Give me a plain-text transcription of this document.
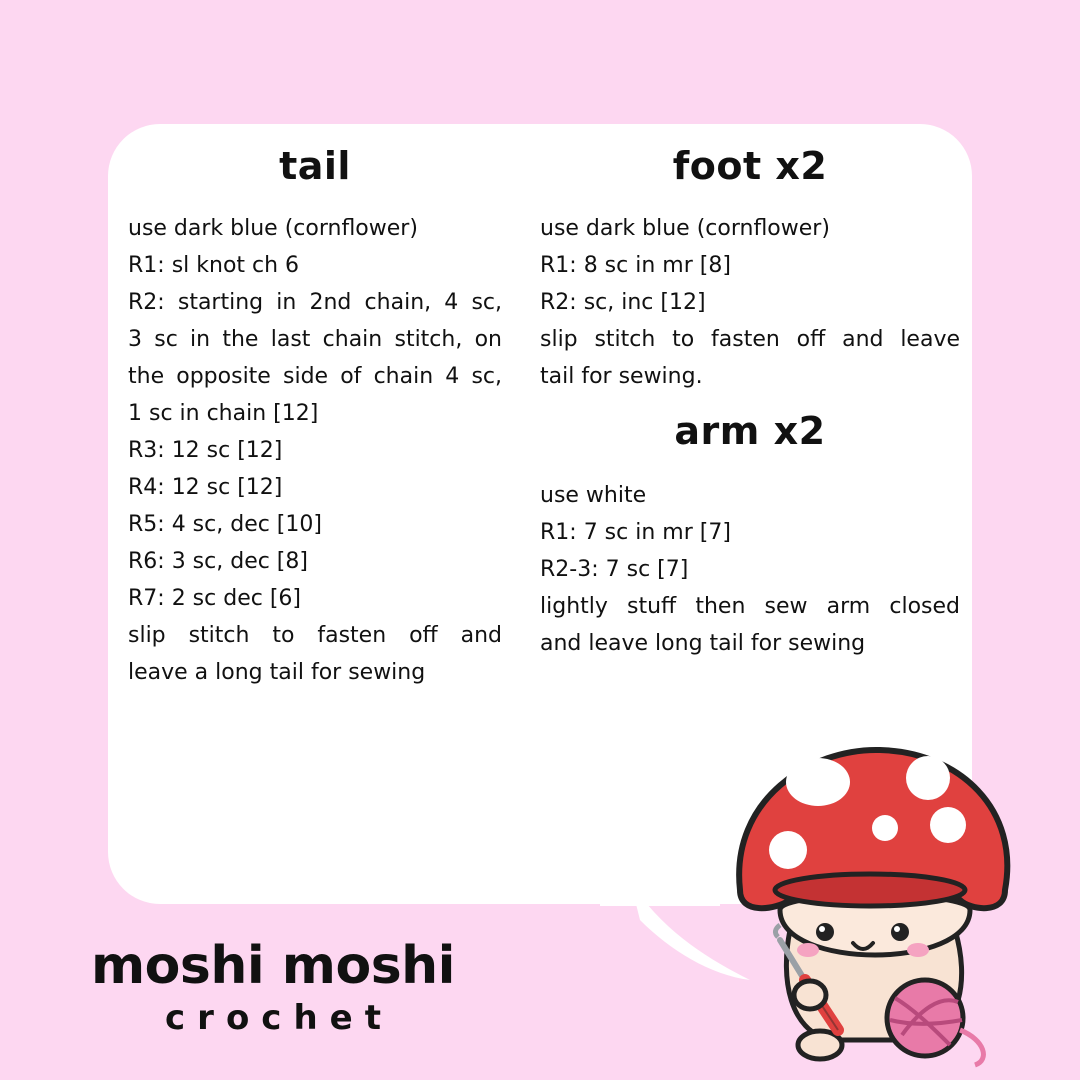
tail

use dark blue (cornflower)

R1: sl knot ch 6

R2: starting in 2nd chain, 4 sc,

3 sc in the last chain stitch, on

the opposite side of chain 4 sc,

1 sc in chain [12]

R3: 12 sc [12]

R4: 12 sc [12]

R5: 4 sc, dec [10]

R6: 3 sc, dec [8]

R7: 2 sc dec [6]

slip stitch to fasten off and

leave a long tail for sewing

foot x2

use dark blue (cornflower)

R1: 8 sc in mr [8]

R2: sc, inc [12]

slip stitch to fasten off and leave

tail for sewing.

arm x2

use white

R1: 7 sc in mr [7]

R2-3: 7 sc [7]

lightly stuff then sew arm closed

and leave long tail for sewing

moshi moshi

crochet
